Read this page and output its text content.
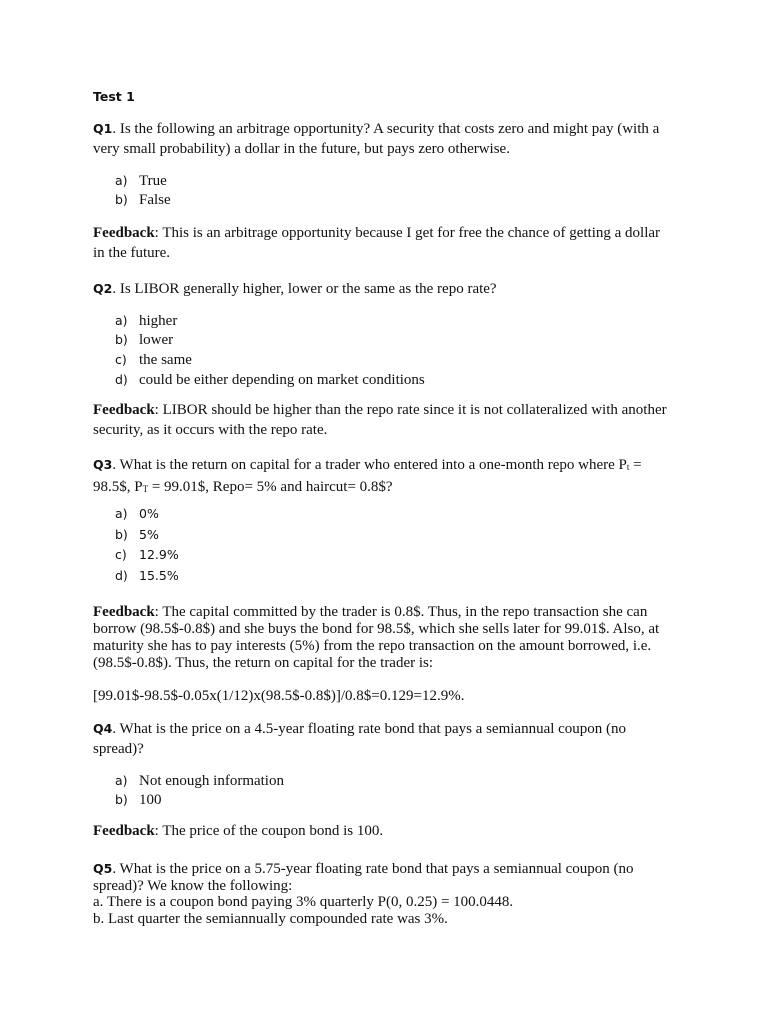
Test 1
Q1. Is the following an arbitrage opportunity? A security that costs zero and might pay (with a very small probability) a dollar in the future, but pays zero otherwise.
a) True
b) False
Feedback: This is an arbitrage opportunity because I get for free the chance of getting a dollar in the future.
Q2. Is LIBOR generally higher, lower or the same as the repo rate?
a) higher
b) lower
c) the same
d) could be either depending on market conditions
Feedback: LIBOR should be higher than the repo rate since it is not collateralized with another security, as it occurs with the repo rate.
Q3. What is the return on capital for a trader who entered into a one-month repo where $P_t$ = 98.5$, $P_T$ = 99.01$, Repo= 5% and haircut= 0.8$?
a) 0%
b) 5%
c) 12.9%
d) 15.5%
Feedback: The capital committed by the trader is 0.8$. Thus, in the repo transaction she can borrow (98.5$-0.8$) and she buys the bond for 98.5$, which she sells later for 99.01$. Also, at maturity she has to pay interests (5%) from the repo transaction on the amount borrowed, i.e. (98.5$-0.8$). Thus, the return on capital for the trader is:
[99.01$-98.5$-0.05x(1/12)x(98.5$-0.8$)]/0.8$=0.129=12.9%.
Q4. What is the price on a 4.5-year floating rate bond that pays a semiannual coupon (no spread)?
a) Not enough information
b) 100
Feedback: The price of the coupon bond is 100.
Q5. What is the price on a 5.75-year floating rate bond that pays a semiannual coupon (no spread)? We know the following:
a. There is a coupon bond paying 3% quarterly P(0, 0.25) = 100.0448.
b. Last quarter the semiannually compounded rate was 3%.
